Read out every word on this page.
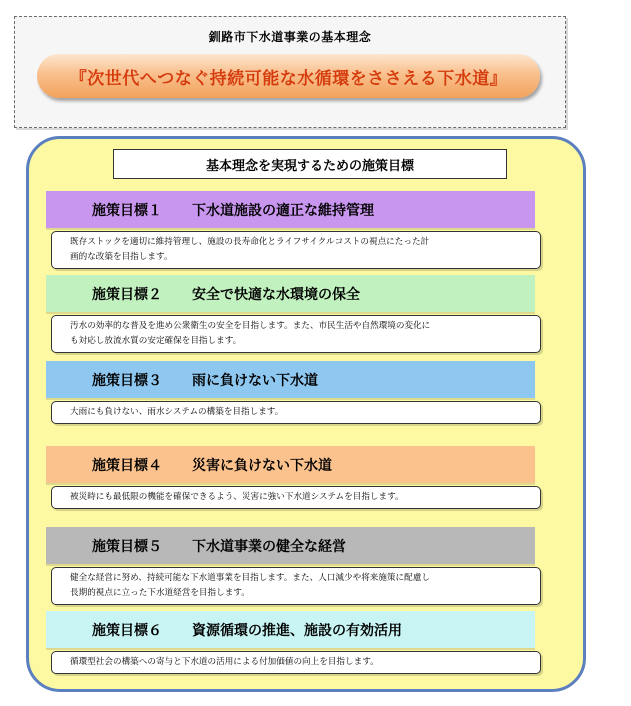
釧路市下水道事業の基本理念
『次世代へつなぐ持続可能な水循環をささえる下水道』
基本理念を実現するための施策目標
施策目標１	下水道施設の適正な維持管理
既存ストックを適切に維持管理し、施設の長寿命化とライフサイクルコストの視点にたった計
画的な改築を目指します。
施策目標２	安全で快適な水環境の保全
汚水の効率的な普及を進め公衆衛生の安全を目指します。また、市民生活や自然環境の変化に
も対応し放流水質の安定確保を目指します。
施策目標３	雨に負けない下水道
大雨にも負けない、雨水システムの構築を目指します。
施策目標４	災害に負けない下水道
被災時にも最低限の機能を確保できるよう、災害に強い下水道システムを目指します。
施策目標５	下水道事業の健全な経営
健全な経営に努め、持続可能な下水道事業を目指します。また、人口減少や将来施策に配慮し
長期的視点に立った下水道経営を目指します。
施策目標６	資源循環の推進、施設の有効活用
循環型社会の構築への寄与と下水道の活用による付加価値の向上を目指します。
